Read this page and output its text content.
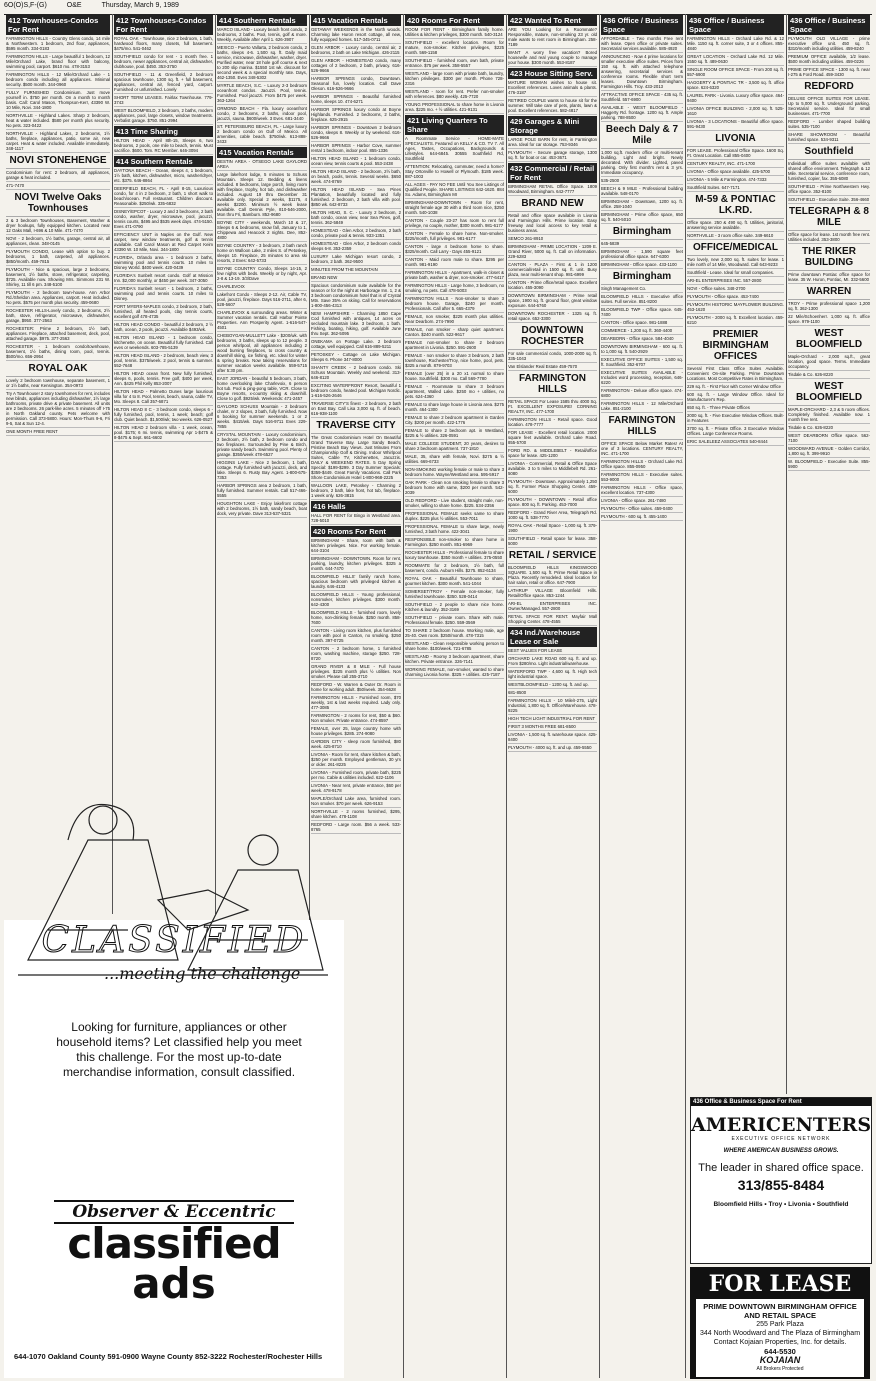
6O(O)S,F-(G)	O&E	Thursday, March 9, 1989
412 Townhouses-Condos For Rent
FARMINGTON HILLS - Country Glens condo, 14 mile & Northwestern. 1 bedroom, 2nd floor, appliances, $595 month. 334-0183
FARMINGTON HILLS - Large beautiful 1 bedroom, 12 Mile/Orchard Lake, brand floor with balcony, swimming pool, carport. $610 mo. 478-3153
FARMINGTON HILLS - 12 Mile/Orchard Lake - 1 bedroom condo including all appliances. Minimal security. $500 month. 344-0960
FULLY FURNISHED Condominium. Just move yourself in. $750 per month. On a month to month basis. Call: Carol Mason, Thompson-Kerr, 43390 W. 10 Mile, Novi. 344-1800
NORTHVILLE - Highland Lakes. Sharp 2 bedroom, heat & water included. $580 per month plus security. No pets. 323-0422
NORTHVILLE - Highland Lakes, 2 bedrooms, 1½ baths, fireplace, appliances, patio, some air, new carpet. Heat & water included. Available immediately. 348-1117
NOVI STONEHENGE
Condominium for rent: 2 bedroom, all appliances, garage & heat included.
471-7470
NOVI Twelve Oaks Townhouses
2 & 3 bedroom Townhouses, Basement, Washer & dryer hookups, fully equipped kitchen. Located near 12 Oaks Mall, I-696 & 10 Mile. 471-7470
NOVI - 2 bedroom, 1½ baths, garage, central air, all appliances, clean. 348-0145
PLYMOUTH CONDO, Lease with option to buy. 2 bedrooms, 1 bath, carpeted, all appliances. $850/month. 459-7815
PLYMOUTH - Nice & spacious, large 2 bedrooms, basement, 1½ baths, stove, refrigerator, carpeting. $725. Available now. Showing Mrs. Simmons 231 W. Shirley, 11 till 6 pm. 348-5100
PLYMOUTH - 2 bedroom town-house. Ann Arbor Rd./Sheldon area. Appliances, carport. Heat included. No pets. $575 per month plus security. 459-0680
ROCHESTER HILLS-Lovely condo, 2 bedrooms, 2½ bath, stove, refrigerator, microwave, dishwasher, garage, $950. 377-2563
ROCHESTER: Prime 2 bedroom, 1½ bath, appliances. Fireplace, attached basement, deck, pool, attached garage. $975. 377-2563
ROCHESTER - 1 bedroom condo/townhouse, basement, 1½ baths, dining room, pool, tennis. $500/mo. 656-2954
ROYAL OAK
Lovely 2 bedroom townhouse, separate basement, 1 or 1½ baths, near Kensington. 354-0973
Try A Townhouse! 2 story townhomes for rent, includes new blinds, appliances including dishwasher, 1½ large bathrooms, private drive & private basement. All units are 2 bedrooms. 26 park-like acres. 5 minutes off I-75 in North Oakland county. Pets welcome with permission. Call 373-5800. Hours: Mon-Thurs 9-6, Fri 9-5, Sat & Sun 12-4.
ONE MONTH FREE RENT
412 Townhouses-Condos For Rent
ROYAL OAK - Townhouse, nice 2 bedroom, 1 bath, hardwood floors, many closets, full basement. $475/mo. 541-0462
SOUTHFIELD condo for rent - 1 month free. 1 bedroom, newer appliances, central air, dishwasher, clubhouse, pool. $450. 353-3750
SOUTHFIELD - 11 & Greenfield, 2 bedroom spacious townhouse, 1300 sq. ft. + full basement, appliances, central air, fenced yard, carport. Furnished or unfurnished. Lovely
SHORT TERM LEASES. Fairlax Townhouse. 779-3743
WEST BLOOMFIELD, 2 bedroom, 2 baths, modern appliances, pool, large closets, window treatments. Verbalist garage. $750. 851-2994
413 Time Sharing
HILTON HEAD - April 8th-15, Sleeps 6, two bedrooms, 2 pools, one mile to beach, tennis. Must sacrifice. $600. Tom. RC Member. 646-3094
414 Southern Rentals
DAYTONA BEACH - Ocean, sleeps 4, 1 bedroom, 1½ bath, kitchen, dishwasher, micro, washer/dryer, etc. $375. 646-8864
DEERFIELD BEACH, FL - April 8-15, Luxurious condo, for 4 in 2 bedroom, 2 bath, 1 short walk to beach/ocean. Full restaurant. Children discount. Reasonable. $250/wk. 335-6832
DISNEY/EPCOT - Luxury 2 and 3 bedrooms, 2 bath condo, washer, dryer, microwave, pool, jacuzzi, tennis courts, $495 and $535 week days. 474-5150. Eves 471-0790
EFFICIENCY UNIT in Naples on the Gulf. New carpet, new window treatments, golf & tennis available. Call Carol Mason at Red Carpet Keim 43390 W. 10 Mile, Novi. 344-1800
FLORIDA, Orlando area - 1 bedroom 2 baths, swimming pool and tennis courts. 10 miles to Disney World. $400 week. 420-0439
FLORIDA's Sunbelt resort condo. Golf at Mission Inn. $2,000 monthly, or $450 per week. 347-3050
FLORIDA's Sunbelt resort - 1 bedroom, 2 baths, swimming pool and tennis courts. 10 miles to Disney.
FORT MYERS-NAPLES condo, 2 bedroom, 2 bath, furnished, all heated pools, clay tennis courts, excellent golf 478-4735
HILTON HEAD CONDO - beautiful 2 bedroom, 2 ½ bath, ocean, 2 pools, jacuzzi. Available $493/wk.
HILTON HEAD ISLAND - 1 bedroom condo, kitchenette, on ocean. Beautiful fully furnished. Call eves or weekends. 603-785-5139
HILTON HEAD ISLAND - 2 bedroom, beach view, 3 pool, tennis. $375/week. 2 pool, tennis & summer. 552-7648
HILTON HEAD ocean front. New fully furnished, sleeps 6, pools, tennis. Free golf, $400 per week, Ann. $425 Phil Kelly 853-2007
HILTON HEAD - Palmetto Dunes large luxurious villa for 4 to 8. Pool, tennis, beach, sauna, cable TV, Mo. Sleeps 8. Call 357-6871
HILTON HEAD 8 C - 3 bedroom condo, sleeps 6 - fully furnished, pool, tennis, 1 week; beach; golf club. Quiet beach. $1,500/wk; two weeks. 626-0527
HILTON HEAD 2 bedroom villa - 1 week, ocean, pool. $175; 6 mi. tennis, swimming Apr 1-$475 & 8-$475 & Sept. 661-6602
414 Southern Rentals
MARCO ISLAND - Luxury beach front condo, 2 bedrooms, 2 baths. Pool, tennis, golf & more. Weekly, Available after April 1. 626-3907
MEXICO - Puerto Vallarta, 2 bedroom condo, 2 baths, sleeps 4-6. 1,500 sq. ft. Daily maid service, microwave, dishwasher, washer, dryer. Purified water, near 18 hole golf course & next to 200 slip marina. $1550 1st wk. discount for second week & a special monthly rate. Days, 462-1350. Eves 348-5302
MYRTLE BEACH, S.C. - Luxury 2-3 bedroom oceanfront condos. Jacuzzi. Pool, tennis. Furnished. Pool jacuzzi. From $475 per week. 363-1264
ORMOND BEACH - Fla. luxury oceanfront condo, 2 bedrooms, 2 baths, indoor pool, jacuzzi, sauna. $600/week. 3 Eves. 681-3440
ST. PETERSBURG BEACH, FL - Large luxury 2 bedroom condo on Gulf of Mexico. All amenities, cable beach. $750/wk. 613-888-3433
415 Vacation Rentals
DESTIN AREA - OTSEGO LAKE GAYLORD AREA
Large lakefront lodge, 5 minutes to Schuss Mountain. Sleeps 12. Bedding & linens included. 8 bedrooms, large porch, living room with fireplace, trophy, hot tub, and dishwasher included. August 19 thru December 31 available only. Special 2 weeks, $1175, 4 weeks $2200. Minimum ½ week lease available. Call Dennis Pyle, 810-546-2000, Mon thru Fri, Bamburn. 852-9680
BOYNE CITY - weekends, March 10 & 17, Sleeps 6 & bedrooms, snow fall, January to 1, Chippewa and Heacock 2 nights. Dee, 852-4800
BOYNE COUNTRY - 3 bedroom, 2 bath ranch home on Walloon Lake, 2 miles S. of Petoskey, sleeps 10. Fireplace, 25 minutes to area ski resorts, 2 Eves: 642-5733
BOYNE COUNTRY Condo, Sleeps 14-15, 2 few nights with beds. Weekly or by night, Apr. 2-8 & 13-19. 3/3/Dave
CHARLEVOIX
Lakefront Condo - Sleeps 2-12. Air, Cable TV, pool, jacuzzi, fireplace. Days 516-2711, after 6, 528-5607
CHARLEVOIX & surrounding areas. Winter & Summer vacation rentals. Call Harbor Pointe Properties. Ann Prosperity Agent. 1-616-547-4501
CHEBOYGAN-MULLETT Lake - $200/wk. with bedrooms, 3 baths, sleeps up to 12 people. 3 person whirlpool, all appliances including 2 wood burning fireplaces, to cross country & downhill skiing, ice fishing, etc. Ideal for winter & spring breaks. Now taking reservations for summer vacation weeks available. 559-5715 after 5:30 pm.
EAST JORDAN - beautiful 5 bedroom, 3 bath, home overlooking lake Charlevoix, 6 person hot tub. Pool & ping-pong table, VCR. Close to Boyne resorts, x-country skiing & downhill. Close to golf. $925/wk. Weekends: 471-2457
GAYLORD SCHUSS Mountain - 2 bedroom chalet, nr 2 slopes, 3 bath, fully furnished. Now 6 booking for summer weekends. 1 or 2 weeks. $415/wk. Days 516-9711 Eves 229-7855
CRYSTAL MOUNTAIN - Luxury condominium, 2 bedroom, 2½ bath, 2 bedroom condo and two fireplaces. Surrounded by Pine & Birch, private sandy beach. Swimming pool. Plenty of garage. $350/week 478-6527
HIGGINS LAKE - Nice 2 bedroom, 1 bath, cottage. Fully furnished with jacuzzi, deck, and lake. Sleeps 6. Rusty Bay Agent. 1-800-675-7353
HARBOR SPRINGS area 2 bedroom, 1 bath, fully furnished. Summer rentals. Call 517-466-5555
HOUGHTON LAKE - Enjoy lakefront cottage with 2 bedrooms, 1½ bath, sandy beach, boat dock, very private. Dave 313-537-5321
415 Vacation Rentals
GETAWAY WEEKENDS in the North woods. Charming lake Huron resort cottage, all new, fully equipped homes. 517-345-0711
GLEN ARBOR - Luxury condo, central air, 2 bedrooms, 2 bath on Lake Michigan. 426-2115
GLEN ARBOR - HOMESTEAD condo, many cottages of 2 bedroom, 2 bath, privacy. 616-526-9666
HARBOR SPRINGS condo, Downtown. Seasonal fun, lovely location. Call Dave Oleson. 616-526-9666
HARBOR SPRINGS - Beautiful furnished home, sleeps 10. 474-6271
HARBOR SPRINGS luxury condo at Boyne Highlands. Furnished. 2 bedrooms, 2 baths, fireplace. 625-2915
HARBOR SPRINGS - Downtown 2 bedroom condo, sleeps 8. Weekly or by weekend. 616-526-9666
HARBOR SPRINGS - Harbor Cove, summer rental 1 bedroom, indoor pool. 855-1336
HILTON HEAD ISLAND - 1 bedroom condo, ocean view, tennis courts & pool. 553-2438
HILTON HEAD ISLAND - 2 bedroom, 2½ bath, on beach, pools, tennis. Several weeks. $650 week. 474-8769
HILTON HEAD ISLAND - Sea Pines Plantation, beautifully located and fully furnished. 2 bedroom, 2 bath villa with pool. $850 wk. 642-8733
HILTON HEAD, S. C. - Luxury 2 bedroom, 2 bath condo, ocean view, near Sea Pines, golf, tennis. 362-5849
HOMESTEAD - Glen Arbor, 2 bedroom, 2 bath condo, private pool & tennis. 933-1351
HOMESTEAD - Glen Arbor, 2 bedroom condo sleeps 6-8. 353-2359
LUXURY Lake Michigan resort condo, 2 bedroom, 2 bath. 362-9500
MINUTES FROM THE MOUNTAIN
BRAND NEW
Spacious condominium suite available for the season or for the night at Harborage Inn. 1, 2 & 3 bedroom condominium hotel that is of Crystal Mtn. Save 35% on skiing. Call for reservations 1-800-456-4313
NEW HAMPSHIRE - Charming 1850 Cape Cod furnished with antiques, 14 acres on secluded mountain lake. 3 bedroom, 1 bath. Fishing, boating, hiking, golf. Available June thru Sept. 362-5095
ONEKAMA on Portage Lake. 2 bedroom cottage, well equipped. Call 616-889-5211
PETOSKEY - Cottage on Lake Michigan. Sleeps 6. Phone 347-8000
SHANTY CREEK - 2 bedroom condo. Ski Schuss Mountain. Weekly and weekend. 313-646-8120
EXCITING WATERFRONT Resort, beautiful 1 bedroom condo, heated pool. Michigan Nordic. 1-616-526-2646
TRAVERSE CITY'S finest - 2 bedroom, 2 bath on East Bay. Call Lisa 3,000 sq. ft. of beach. 616-938-1100
TRAVERSE CITY
The Great Condominium Hotel On Beautiful Grand Traverse Bay. Large Sandy Beach, Pristine Beach Bay Views. Just Minutes From Championship Golf & Dining. Indoor Whirlpool Suites, Cable TV, Kitchenettes, Jacuzzis. DAILY & WEEKEND RATES. 5 Day Spring Special: $199-$299. 3 Day Summer Specials: $359-$449. Great Family Vacations. Call Park Shore Condominium Hotel 1-800-968-2225
WALLOON LAKE, Petoskey - Charming 2 bedroom, 2 bath, lake front, hot tub, fireplace. 1 week only. 626-3815
416 Halls
HALL FOR RENT for Bingo in Westland area. 728-5010
420 Rooms For Rent
BIRMINGHAM - Share, room with bath & kitchen privileges. Nice. For working female. 644-3104
BIRMINGHAM - DOWNTOWN. Room for rent, parking, laundry, kitchen privileges. $325 a month. 644-7470
BLOOMFIELD HILLS' family ranch home, spacious bedroom with privileged kitchen & laundry. 646-4133
BLOOMFIELD HILLS - Young professional, nonsmoker, kitchen privileges. $300 month. 642-4300
BLOOMFIELD HILLS - furnished room, lovely home, non-drinking female. $250 month. 858-7600
CANTON - Living room kitchen, plus furnished room with pool in Canton, no smoking. $250 month. 397-0725
CANTON - 2 bedroom home, 1 furnished room, washing machine, storage $250. 728-8720
GRAND RIVER & 8 MILE - Full house privileges. $225 month plus ½ utilities. Non smoker. Please call 255-3710
REDFORD - W. Warren & Outer Dr. Room in home for working adult. $50/week. 354-6628
FARMINGTON HILLS - Furnished room, $70 weekly, 1st & last weeks required. Lady only. 477-3085
FARMINGTON - 2 rooms for rent, $50 & $60. Non smoker. Private entrance. 474-8597
FEMALE, over 25, large country home with house privileges. $285. 274-9080
GARDEN CITY - sleep room furnished, $80 week. 425-8710
LIVONIA - Room for rent, share kitchen & bath, $250 per month. Employed gentleman, 30 yrs or older. 261-8225
LIVONIA - Furnished room, private bath, $225 per mo. Cable & utilities included. 622-1106
LIVONIA - Near rent, private entrance, $60 per week. 478-9178
MAPLE/Orchard Lake area, furnished room. Non smoker. $70 per week. 626-9153
NORTHVILLE - 2 rooms furnished, $295, share kitchen. 478-1108
REDFORD - Large room. $56 a week. 533-8765
420 Rooms For Rent
ROOM FOR RENT - Birmingham family home. Utilities & kitchen privileges, $300 month. 540-3124
SOUTHFIELD - excellent location. Room for mature, non-smoker. Kitchen privileges, $225 month. 569-1158
SOUTHFIELD - furnished room, own bath, private entrance. $75 per week. 358-5557
WESTLAND - large room with private bath, laundry, kitchen privileges. $300 per month. Phone 728-2316
WESTLAND - room for rent. Prefer non-smoker with references. $80 weekly. 425-7720
YOUNG PROFESSIONAL to share home in Livonia area. $225 mo. + ½ utilities. 421-9131
421 Living Quarters To Share
A Roommate Service - HOME-MATE SPECIALISTS. Featured on KELLY & CO. TV 7. All Ages, Tastes, Occupations, Backgrounds & Lifestyles. 644-6845. 30555 Southfield Rd, Southfield
ATTENTION: Relocating, commuter, need a home? Stay Ortonville to Howell or Plymouth. $185 week. 887-1003
ALL AGES - PAY NO FEE Until You See Listings of Qualified People. SHARE LISTINGS 642-1620. 884 So. Adams, Birmingham MI
BIRMINGHAM-DOWNTOWN - Room for rent, straight female age 30 with a third room nice, $250 month. 540-1038
CANTON - Couple 23-27 has room to rent full privilege, no couple, mother, $300 month. 981-6177
CANTON - Female to share home. Non-smoker. $225/month, full privileges. 981-6177
CANTON - large 4 bedroom home to share. $325/month. Call Larry - Days 455-9121
CANTON - Maid room male to share. $295 per month. 981-9190
FARMINGTON HILLS - Apartment, walk-in closet & private bath, washer & dryer, non-smoker. 477-6417
FARMINGTON HILLS - Large home, 3 bedroom, no smoking, no pets. Call 478-5003
FARMINGTON HILLS - Non-smoker to share 3 bedroom house. Garage, $240 per month. Professionals. Call after 5. 665-4379
FEMALE, non smoker, $225 month plus utilities. Near Dearborn. 274-7990
FEMALE, non smoker - sharp quiet apartment. Canton. $240 month. 522-9617
FEMALE non-smoker to share 2 bedroom apartment in Livonia. $250. 591-2600
FEMALE - non smoker to share 3 bedroom, 2 bath townhouse, Rochester/Troy, nice home, pool, pets. $325 a month. 879-9703
FEMALE (over 25) in a 20 x1 normal to share house. Southfield. $300 mo. Call 569-7780
FEMALE - Roommate to share 3 bedroom apartment, Walled Lake. $250 mo + utilities, no pets. 624-4360
FEMALE to share large house in Livonia area. $275 month. 464-1300
FEMALE to share 2 bedroom apartment in Garden City. $200 per month. 422-1776
FEMALE to share 2 bedroom apt. in Westland, $225 & ½ utilities. 326-0591
MALE COLLEGE STUDENT, 20 years, desires to share 2 bedroom apartment. 737-1810
MALE, 35, share with female, Novi. $275 & ½ utilities. 669-6733
NON-SMOKING working female or male to share 3 bedroom home. Wayne/Westland area. 595-5917
OAK PARK - Clean non smoking female to share 3 bedroom home with same, $200 per month. 542-2039
OLD REDFORD - Live student, straight male, non-smoker, willing to share home. $225. 534-2356
PROFESSIONAL FEMALE seeks same to share duplex. $225 plus ½ utilities. 553-7011
PROFESSIONAL FEMALE to share large, newly furnished, 3 bath home. 422-3041
RESPONSIBLE non-smoker to share home in Farmington. $250 month. 851-6969
ROCHESTER HILLS - Professional female to share luxury townhouse. $350 month + utilities. 375-0550
ROOMMATE for 2 bedroom, 1½ bath, full basement, condo. Auburn Hills. $275. 852-6134
ROYAL OAK - Beautiful Townhouse to share, gourmet kitchen. $300 month. 541-1044
SOMERSET/TROY - Female non-smoker, fully furnished townhouse. $350. 528-0414
SOUTHFIELD - 2 people to share nice home. Kitchen & laundry. 352-3169
SOUTHFIELD - private room. Share with male. Professional female. $250. 559-3569
TO SHARE 2 bedroom house. Working male, age 25-40. Own room. $250/month. 478-7315
WESTLAND - Clean responsible working person to share home. $100/week. 721-6785
WESTLAND - Roomy 3 bedroom apartment, share kitchen. Private entrance. 326-7141
WORKING FEMALE, non-smoker, wanted to share charming Livonia home. $325 + utilities. 425-7187
422 Wanted To Rent
ARE YOU Looking for a Roommate? Responsible, mature, non-smoking 23 yr. old male wants to rent room in Birmingham. 258-7189
WANT A worry free vacation? Bored housewife and real young couple to manage your house. $300 month. 553-8187
423 House Sitting Serv.
MATURE WOMAN wishes to house sit. Excellent references. Loves animals & plants. 476-3187
RETIRED COUPLE wants to house sit for the summer. Will take care of pets, plants, lawn & pool. Excellent references. 582-4817
429 Garages & Mini Storage
LARGE POLE BARN for rent, in Farmington area. Ideal for car storage. 753-9346
PLYMOUTH - Secure garage storage, 1300 sq. ft. for boat or car. 453-3671
432 Commercial / Retail For Rent
BIRMINGHAM RETAIL Office Space. 1809 Woodward, Birmingham. 642-7777
BRAND NEW
Retail and office space available in Livonia and Farmington Hills. Prime location. Easy freeway and local access to key retail & business areas.
SEMCO 261-8910
BIRMINGHAM - PRIME LOCATION - 1209 E. Grand River, 5000 sq. ft. Call on information. 229-6283
CANTON - PLAZA - First & 1 in 1200 commercial/retail in 1500 sq. ft. unit. Busy plaza, near multi-tenant shop. 981-6999
CANTON - Prime office/retail space. Excellent location. 455-3090
DOWNTOWN BIRMINGHAM - Prime retail space, 1900 sq. ft. ground floor, great window exposure. 644-6760
DOWNTOWN ROCHESTER - 1325 sq. ft. retail space. 652-3300
DOWNTOWN ROCHESTER
For sale commercial condo, 1000-2000 sq. ft. 335-1043
Van Elslander Real Estate 459-7570
FARMINGTON HILLS
RETAIL SPACE For Lease 1585 thru 4000 Sq. Ft. EXCELLENT EXPOSURE! CORNING REALTY, INC. 477-1700
FARMINGTON HILLS - Retail space. Good location. 478-7777
FOR LEASE - Excellent retail location. 2000 square feet available. Orchard Lake Road. 855-5700
FORD RD. & MIDDLEBELT - Retail/office space for lease. 425-1200
LIVONIA - Commercial, Retail & Office Space available. 3 to 5 miles to Middlebelt Rd. 261-5080
PLYMOUTH - Downtown. Approximately 1,250 sq. ft. Former Place Shopping Center. 459-6000
PLYMOUTH - DOWNTOWN - Retail office space. 800 sq. ft. Parking. 453-7000
REDFORD - Grand River Area, Telegraph Rd. 1000 sq. ft. 538-7770
ROYAL OAK - Retail Space - 1,000 sq. ft. 379-1900
SOUTHFIELD - Retail space for lease. 358-5000
RETAIL / SERVICE
BLOOMFIELD HILLS KINGSWOOD SQUARE. 1,500 sq. ft. Prime Retail Space in Plaza. Recently remodeled. Ideal location for hair salon, retail or office. 647-7900
LATHRUP VILLAGE Bloomfield Hills. Retail/Office space. 853-1244
ARI-EL ENTERPRISES INC. Owner/Managed. 557-2800
RETAIL SPACE FOR RENT. Mayfair Mall Shopping Center. 478-4555
434 Ind./Warehouse Lease or Sale
BEST VALUES FOR LEASE
ORCHARD LAKE ROAD 600 sq. ft. and up. From $280/mo. Light industrial/warehouse.
WATERFORD TWP - 4,600 sq. ft. High tech light industrial space.
WESTBLOOMFIELD - 1200 sq. ft. and up.
681-8500
FARMINGTON HILLS - 10 Mile/I-275, Light Industrial, 1,800 sq. ft. Office/Warehouse. 478-9225
HIGH TECH LIGHT INDUSTRIAL FOR RENT
FIRST 3 MONTHS FREE 681-8500
LIVONIA - 1,500 sq. ft. warehouse space. 425-8400
PLYMOUTH - 4000 sq. ft. and up. 459-5550
436 Office / Business Space
AFFORDABLE - Two months Free rent with lease. Open office or private suites. Secretarial services available. 585-4920
ANNOUNCING - Now 4 prime locations for smaller executive office suites. Prices from 150 sq. ft. with attached telephone answering, secretarial services & conference rooms. Flexible short term leases. Downtown Birmingham. Farmington Hills. Troy. 433-2013
ATTRACTIVE OFFICE SPACE - 435 sq. ft. Southfield. 557-6900
AVAILABLE - WEST BLOOMFIELD - Haggerty Rd. frontage. 1200 sq. ft. Ample parking. 788-8500
Beech Daly & 7 Mile
1,000 sq.ft. modern office or multi-tenant building. Light and bright. Newly decorated. With divider. Lighted, paved parking. Only first month's rent & 3 yrs. Immediate occupancy.
535-2500
BEECH & 9 MILE - Professional building available. 548-0170
BIRMINGHAM - Downtown, 1200 sq. ft. office. 258-1040
BIRMINGHAM - Prime office space, 650 sq. ft. 540-5010
Birmingham
645-5839
BIRMINGHAM - 1,590 square feet professional office space. 647-6300
BIRMINGHAM - Office space. 433-1100
Birmingham
Singh Management Co.
BLOOMFIELD HILLS - Executive office suites. Full service. 851-8200
BLOOMFIELD TWP - Office space. 645-7400
CANTON - Office space. 981-1888
COMMERCE - 1,200 sq. ft. 360-4400
DEARBORN - Office space. 584-4040
DOWNTOWN BIRMINGHAM - 600 sq. ft. to 1,000 sq. ft. 540-2929
EXECUTIVE OFFICE SUITES - 1,500 sq. ft. Southfield. 352-6707
EXECUTIVE SUITES AVAILABLE - Includes word processing, reception, 646-6220
FARMINGTON - Deluxe office space. 474-6800
FARMINGTON HILLS - 12 Mile/Orchard Lake. 851-2100
FARMINGTON HILLS
OFFICE SPACE Below Market Rates! At one of 3 locations. CENTURY REALTY, INC. 471-1700
FARMINGTON HILLS - Orchard Lake Rd. Office space. 855-0950
FARMINGTON HILLS - Executive suites. 553-9000
FARMINGTON HILLS - Office space, excellent location. 737-4300
LIVONIA - Office space. 261-7480
PLYMOUTH - Office suites. 459-0400
PLYMOUTH - 600 sq. ft. 455-1400
436 Office / Business Space
FARMINGTON HILLS - Orchard Lake Rd. & 12 Mile. 1150 sq. ft. corner suite, 3 or 4 offices. 855-4840
GREAT LOCATION - Orchard Lake Rd. 12 Mile. 1550 sq. ft. 489-0630
SINGLE ROOM OFFICE SPACE - From 200 sq. ft. 557-6900
HAGGERTY & PONTIAC TR - 3,500 sq. ft. office space. 624-6320
LAUREL PARK - Livonia. Luxury office space. 464-9400
LIVONIA OFFICE BUILDING - 2,000 sq. ft. 525-1610
LIVONIA - 3 LOCATIONS - Beautiful office space. 591-9430
LIVONIA
FOR LEASE. Professional Office Space. 1600 Sq. Ft. Great Location. Call 855-0400
CENTURY REALTY, INC. 471-1700
LIVONIA - Office space available. 425-5700
LIVONIA - 5 Mile & Farmington. 474-7333
Southfield Suites. 647-7171
M-59 & PONTIAC LK.RD.
Office space. 250 & 490 sq. ft. Utilities, janitorial, answering service available.
NORTHVILLE - 3 room office suite. 349-6610
OFFICE/MEDICAL
Two lovely, new 2,000 sq. ft. suites for lease. 1 mile north of 14 Mile, Woodward. Call 643-9233
Southfield - Lease. Ideal for small companies.
ARI-EL ENTERPRISES INC. 557-2800
NOVI - Office suites. 348-2700
PLYMOUTH - Office space. 453-7400
PLYMOUTH HISTORIC MAYFLOWER BUILDING. 453-1620
PLYMOUTH - 2000 sq. ft. Excellent location. 459-6210
PREMIER BIRMINGHAM OFFICES
Several First Class Office Suites Available. Convenient On-site Parking. Prime Downtown Locations. Most Competitive Rates in Birmingham.
229 sq. ft. - First Floor with Corner Window Office
600 sq. ft. - Large Window Office. Ideal for Manufacturer's Rep.
650 sq. ft. - Three Private Offices
2000 sq. ft. - Five Executive Window Offices. Built-in Features
3700 sq. ft. - Private Office. 3 Executive Window Offices. Large Conference Rooms.
ERIC SALELEEZ ASSOCIATES 540-8444
436 Office / Business Space
PLYMOUTH OLD VILLAGE - prime executive office unit. 450 sq. ft. $310/month including utilities. 459-8240
PREMIUM OFFICE available, 1/2 lease. $500 month including utilities. 459-0226
PRIME OFFICE SPACE - 1300 sq. ft. near I-275 & Ford Road. 459-3430
REDFORD
DELUXE OFFICE SUITES FOR LEASE. Up to 5,000 sq. ft. Underground parking. Secretarial service. Ideal for small businesses. 471-7700
REDFORD - Lumber shaped building suites. 535-7100
SHARE SHOWROOM - Beautiful furnished space. 534-9311
Southfield
Individual office suites available with shared office environment. Telegraph & 12 Mile. Secretarial service, conference room, furnished, copier, fax. 355-6080
SOUTHFIELD - Prime Northwestern Hwy. office space. 352-8100
SOUTHFIELD - Executive Suite. 356-4660
TELEGRAPH & 8 MILE
Office space for lease. 1st month free rent. Utilities included. 353-3800
THE RIKER BUILDING
Prime downtown Pontiac office space for lease. 35 W. Huron, Pontiac, MI. 332-5600
WARREN
TROY - Prime professional space 1,200 sq. ft. 362-1300
22 Mile/Schoenherr. 1,000 sq. ft. office space. 979-1100
WEST BLOOMFIELD
Maple-Orchard - 2,000 sq.ft., great location, good space. Terms. Immediate occupancy.
Tisdale & Co. 626-8220
WEST BLOOMFIELD
MAPLE-ORCHARD - 2,3 & 5 room offices. Completely finished. Available now. 1 month free rent.
Tisdale & Co. 626-8220
WEST DEARBORN Office space. 562-7100
WOODWARD AVENUE - Golden Corridor, 1,800 sq. ft. 399-9910
W. BLOOMFIELD - Executive Suite. 855-5900
CLASSIFIED
...meeting the challenge
Looking for furniture, appliances or other household items? Let classified help you meet this challenge. For the most up-to-date merchandise information, consult classified.
Observer & Eccentric
classified
ads
644-1070 Oakland County 591-0900 Wayne County 852-3222 Rochester/Rochester Hills
436 Office & Business Space For Rent
AMERICENTERS
EXECUTIVE OFFICE NETWORK
WHERE AMERICAN BUSINESS GROWS.
The leader in shared office space.
313/855-8484
Bloomfield Hills • Troy • Livonia • Southfield
FOR LEASE
PRIME DOWNTOWN BIRMINGHAM OFFICE AND RETAIL SPACE
255 Park Plaza
344 North Woodward and The Plaza of Birmingham
Contact Kojaian Properties, Inc. for details.
644-5530
KOJAIAN
All Brokers Protected
